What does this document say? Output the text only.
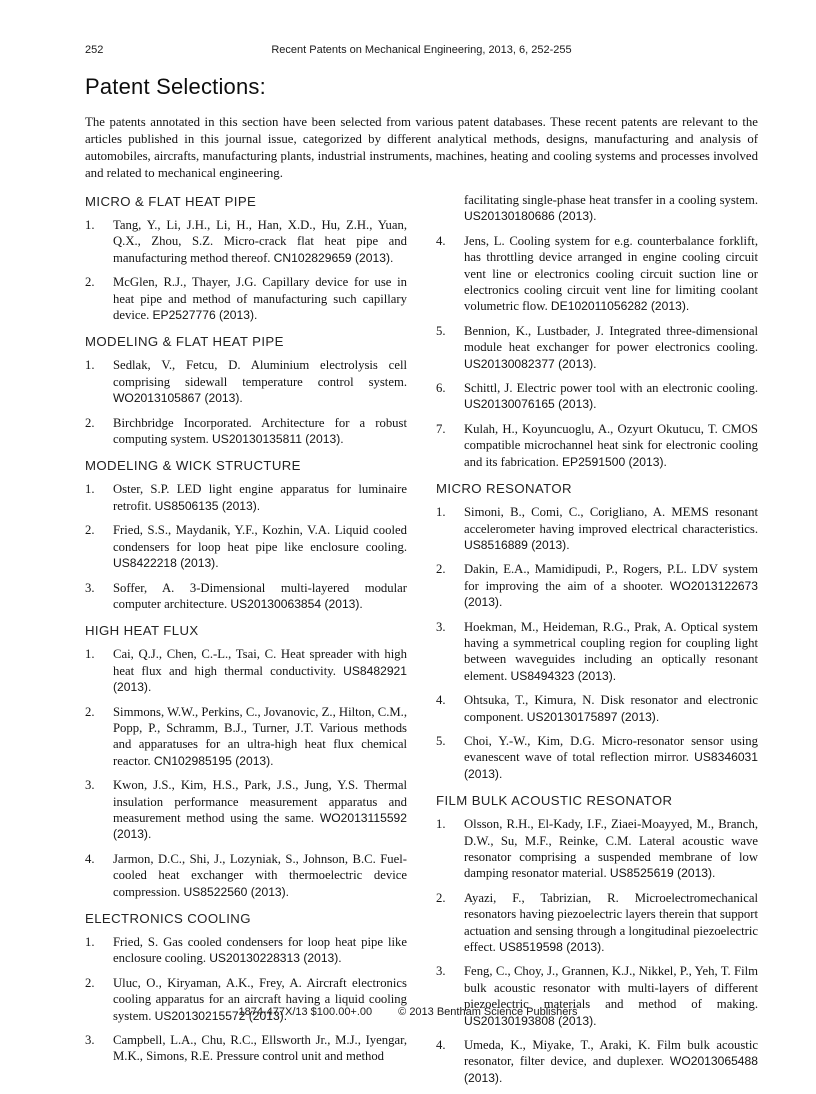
252	Recent Patents on Mechanical Engineering, 2013, 6, 252-255
Patent Selections:

The patents annotated in this section have been selected from various patent databases. These recent patents are relevant to the articles published in this journal issue, categorized by different analytical methods, designs, manufacturing and analysis of automobiles, aircrafts, manufacturing plants, industrial instruments, machines, heating and cooling systems and processes involved and related to mechanical engineering.

MICRO & FLAT HEAT PIPE
1.	Tang, Y., Li, J.H., Li, H., Han, X.D., Hu, Z.H., Yuan, Q.X., Zhou, S.Z. Micro-crack flat heat pipe and manufacturing method thereof. CN102829659 (2013).
2.	McGlen, R.J., Thayer, J.G. Capillary device for use in heat pipe and method of manufacturing such capillary device. EP2527776 (2013).
MODELING & FLAT HEAT PIPE
1.	Sedlak, V., Fetcu, D. Aluminium electrolysis cell comprising sidewall temperature control system. WO2013105867 (2013).
2.	Birchbridge Incorporated. Architecture for a robust computing system. US20130135811 (2013).
MODELING & WICK STRUCTURE
1.	Oster, S.P. LED light engine apparatus for luminaire retrofit. US8506135 (2013).
2.	Fried, S.S., Maydanik, Y.F., Kozhin, V.A. Liquid cooled condensers for loop heat pipe like enclosure cooling. US8422218 (2013).
3.	Soffer, A. 3-Dimensional multi-layered modular computer architecture. US20130063854 (2013).
HIGH HEAT FLUX
1.	Cai, Q.J., Chen, C.-L., Tsai, C. Heat spreader with high heat flux and high thermal conductivity. US8482921 (2013).
2.	Simmons, W.W., Perkins, C., Jovanovic, Z., Hilton, C.M., Popp, P., Schramm, B.J., Turner, J.T. Various methods and apparatuses for an ultra-high heat flux chemical reactor. CN102985195 (2013).
3.	Kwon, J.S., Kim, H.S., Park, J.S., Jung, Y.S. Thermal insulation performance measurement apparatus and measurement method using the same. WO2013115592 (2013).
4.	Jarmon, D.C., Shi, J., Lozyniak, S., Johnson, B.C. Fuel-cooled heat exchanger with thermoelectric device compression. US8522560 (2013).
ELECTRONICS COOLING
1.	Fried, S. Gas cooled condensers for loop heat pipe like enclosure cooling. US20130228313 (2013).
2.	Uluc, O., Kiryaman, A.K., Frey, A. Aircraft electronics cooling apparatus for an aircraft having a liquid cooling system. US20130215572 (2013).
3.	Campbell, L.A., Chu, R.C., Ellsworth Jr., M.J., Iyengar, M.K., Simons, R.E. Pressure control unit and method
facilitating single-phase heat transfer in a cooling system. US20130180686 (2013).
4.	Jens, L. Cooling system for e.g. counterbalance forklift, has throttling device arranged in engine cooling circuit vent line or electronics cooling circuit suction line or electronics cooling circuit vent line for limiting coolant volumetric flow. DE102011056282 (2013).
5.	Bennion, K., Lustbader, J. Integrated three-dimensional module heat exchanger for power electronics cooling. US20130082377 (2013).
6.	Schittl, J. Electric power tool with an electronic cooling. US20130076165 (2013).
7.	Kulah, H., Koyuncuoglu, A., Ozyurt Okutucu, T. CMOS compatible microchannel heat sink for electronic cooling and its fabrication. EP2591500 (2013).
MICRO RESONATOR
1.	Simoni, B., Comi, C., Corigliano, A. MEMS resonant accelerometer having improved electrical characteristics. US8516889 (2013).
2.	Dakin, E.A., Mamidipudi, P., Rogers, P.L. LDV system for improving the aim of a shooter. WO2013122673 (2013).
3.	Hoekman, M., Heideman, R.G., Prak, A. Optical system having a symmetrical coupling region for coupling light between waveguides including an optically resonant element. US8494323 (2013).
4.	Ohtsuka, T., Kimura, N. Disk resonator and electronic component. US20130175897 (2013).
5.	Choi, Y.-W., Kim, D.G. Micro-resonator sensor using evanescent wave of total reflection mirror. US8346031 (2013).
FILM BULK ACOUSTIC RESONATOR
1.	Olsson, R.H., El-Kady, I.F., Ziaei-Moayyed, M., Branch, D.W., Su, M.F., Reinke, C.M. Lateral acoustic wave resonator comprising a suspended membrane of low damping resonator material. US8525619 (2013).
2.	Ayazi, F., Tabrizian, R. Microelectromechanical resonators having piezoelectric layers therein that support actuation and sensing through a longitudinal piezoelectric effect. US8519598 (2013).
3.	Feng, C., Choy, J., Grannen, K.J., Nikkel, P., Yeh, T. Film bulk acoustic resonator with multi-layers of different piezoelectric materials and method of making. US20130193808 (2013).
4.	Umeda, K., Miyake, T., Araki, K. Film bulk acoustic resonator, filter device, and duplexer. WO2013065488 (2013).
1874-477X/13 $100.00+.00 © 2013 Bentham Science Publishers
